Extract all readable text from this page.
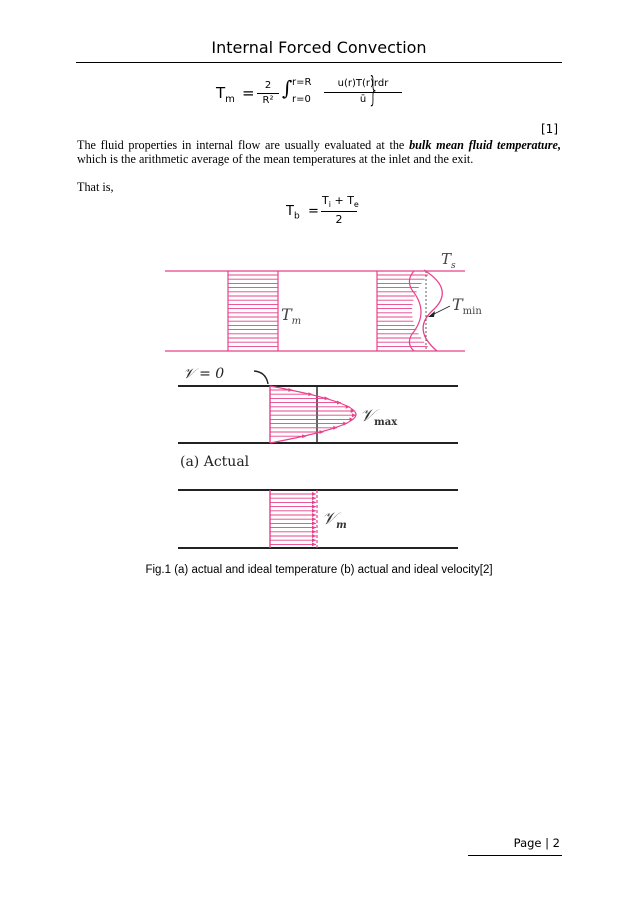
Internal Forced Convection
$T_m$ =	2
R²
∫ r=R
r=0
u(r)T(r)rdr
ū }
[1]
The fluid properties in internal flow are usually evaluated at the bulk mean fluid temperature, which is the arithmetic average of the mean temperatures at the inlet and the exit.
That is,
$T_b$ =
$T_i + T_e$
2
$T_m$
$T_s$
$T_{min}$
𝒱 = 0
𝒱$_{max}$
(a) Actual
𝒱$_m$
Fig.1 (a) actual and ideal temperature (b) actual and ideal velocity[2]
Page | 2
